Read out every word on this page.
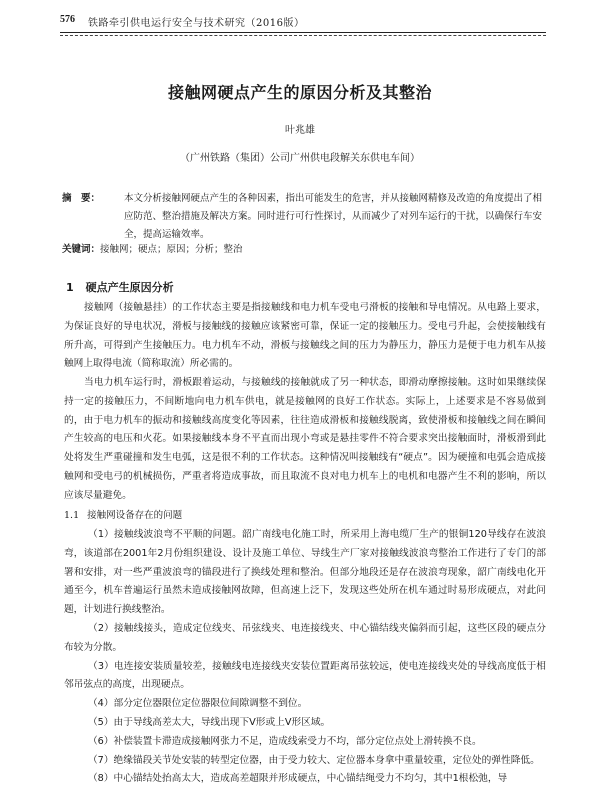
576 铁路牵引供电运行安全与技术研究（2016版）
接触网硬点产生的原因分析及其整治
叶兆雄
（广州铁路（集团）公司广州供电段解关东供电车间）
摘　要：	本文分析接触网硬点产生的各种因素，指出可能发生的危害，并从接触网精修及改造的角度提出了相应防范、整治措施及解决方案。同时进行可行性探讨，从而减少了对列车运行的干扰，以确保行车安全，提高运输效率。
关键词：接触网；硬点；原因；分析；整治
1 硬点产生原因分析

接触网（接触悬挂）的工作状态主要是指接触线和电力机车受电弓滑板的接触和导电情况。从电路上要求，为保证良好的导电状况，滑板与接触线的接触应该紧密可靠，保证一定的接触压力。受电弓升起，会使接触线有所升高，可得到产生接触压力。电力机车不动，滑板与接触线之间的压力为静压力，静压力是便于电力机车从接触网上取得电流（简称取流）所必需的。

当电力机车运行时，滑板跟着运动，与接触线的接触就成了另一种状态，即滑动摩擦接触。这时如果继续保持一定的接触压力，不间断地向电力机车供电，就是接触网的良好工作状态。实际上，上述要求是不容易做到的，由于电力机车的振动和接触线高度变化等因素，往往造成滑板和接触线脱离，致使滑板和接触线之间在瞬间产生较高的电压和火花。如果接触线本身不平直而出现小弯或是悬挂零件不符合要求突出接触面时，滑板滑到此处将发生严重碰撞和发生电弧，这是很不利的工作状态。这种情况叫接触线有“硬点”。因为硬撞和电弧会造成接触网和受电弓的机械损伤，严重者将造成事故，而且取流不良对电力机车上的电机和电器产生不利的影响，所以应该尽量避免。

1.1 接触网设备存在的问题

（1）接触线波浪弯不平顺的问题。韶广南线电化施工时，所采用上海电缆厂生产的银铜120导线存在波浪弯，该道部在2001年2月份组织建设、设计及施工单位、导线生产厂家对接触线波浪弯整治工作进行了专门的部署和安排，对一些严重波浪弯的锚段进行了换线处理和整治。但部分地段还是存在波浪弯现象，韶广南线电化开通至今，机车普遍运行虽然未造成接触网故障，但高速上泛下，发现这些处所在机车通过时易形成硬点，对此问题，计划进行换线整治。

（2）接触线接头，造成定位线夹、吊弦线夹、电连接线夹、中心锚结线夹偏斜而引起，这些区段的硬点分布较为分散。

（3）电连接安装质量较差，接触线电连接线夹安装位置距离吊弦较远，使电连接线夹处的导线高度低于相邻吊弦点的高度，出现硬点。

（4）部分定位器限位定位器限位间隙调整不到位。

（5）由于导线高差太大，导线出现下V形或上V形区域。

（6）补偿装置卡滞造成接触网张力不足，造成线索受力不均，部分定位点处上滑转换不良。

（7）绝缘锚段关节处安装的转型定位器，由于受力较大、定位器本身拿中重量较重，定位处的弹性降低。

（8）中心锚结处抬高太大，造成高差超限并形成硬点，中心锚结绳受力不均匀，其中1根松弛，导
